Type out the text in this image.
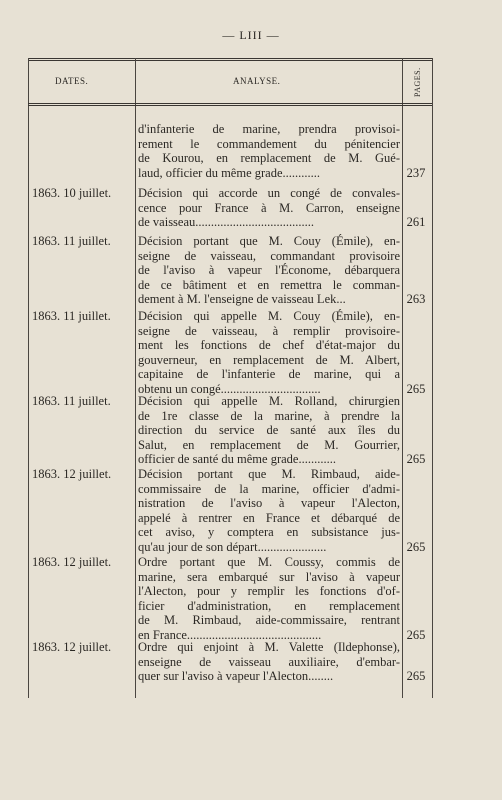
— LIII —
DATES.	ANALYSE.	PAGES.
d'infanterie de marine, prendra provisoi-
rement le commandement du pénitencier
de Kourou, en remplacement de M. Gué-
laud, officier du même grade............	237
1863. 10 juillet.	Décision qui accorde un congé de convales-
cence pour France à M. Carron, enseigne
de vaisseau......................................	261
1863. 11 juillet.	Décision portant que M. Couy (Émile), en-
seigne de vaisseau, commandant provisoire
de l'aviso à vapeur l'Économe, débarquera
de ce bâtiment et en remettra le comman-
dement à M. l'enseigne de vaisseau Lek...	263
1863. 11 juillet.	Décision qui appelle M. Couy (Émile), en-
seigne de vaisseau, à remplir provisoire-
ment les fonctions de chef d'état-major du
gouverneur, en remplacement de M. Albert,
capitaine de l'infanterie de marine, qui a
obtenu un congé................................	265
1863. 11 juillet.	Décision qui appelle M. Rolland, chirurgien
de 1re classe de la marine, à prendre la
direction du service de santé aux îles du
Salut, en remplacement de M. Gourrier,
officier de santé du même grade............	265
1863. 12 juillet.	Décision portant que M. Rimbaud, aide-
commissaire de la marine, officier d'admi-
nistration de l'aviso à vapeur l'Alecton,
appelé à rentrer en France et débarqué de
cet aviso, y comptera en subsistance jus-
qu'au jour de son départ......................	265
1863. 12 juillet.	Ordre portant que M. Coussy, commis de
marine, sera embarqué sur l'aviso à vapeur
l'Alecton, pour y remplir les fonctions d'of-
ficier d'administration, en remplacement
de M. Rimbaud, aide-commissaire, rentrant
en France...........................................	265
1863. 12 juillet.	Ordre qui enjoint à M. Valette (Ildephonse),
enseigne de vaisseau auxiliaire, d'embar-
quer sur l'aviso à vapeur l'Alecton........	265
